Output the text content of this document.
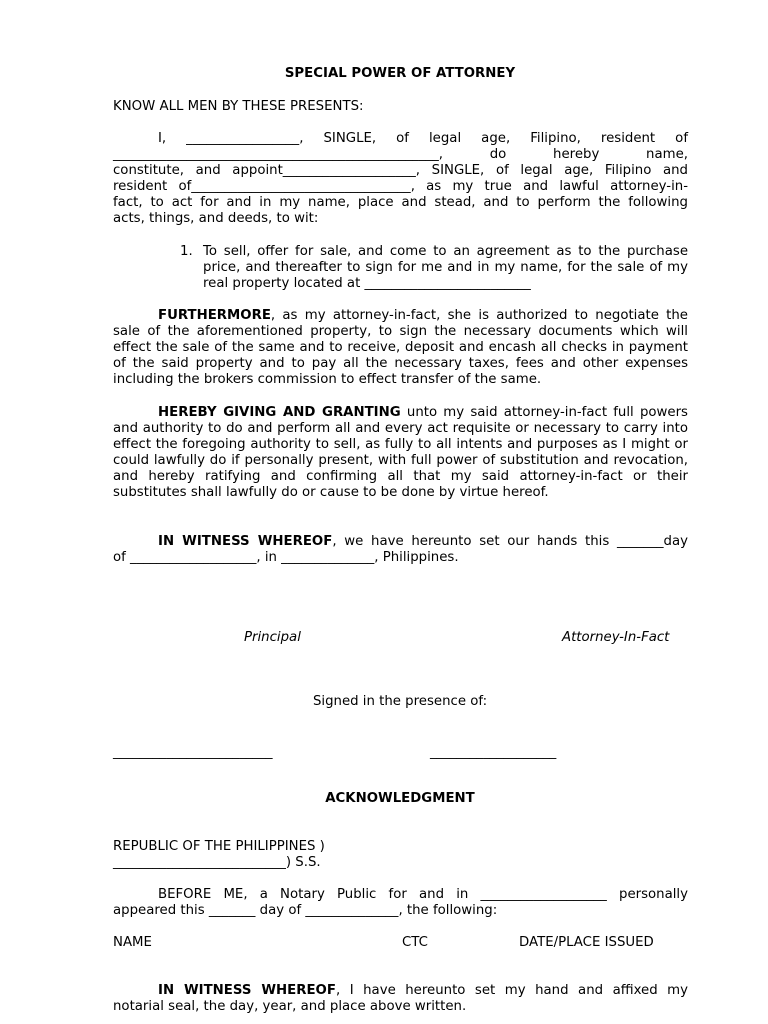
SPECIAL POWER OF ATTORNEY
KNOW ALL MEN BY THESE PRESENTS:
I, _________________, SINGLE, of legal age, Filipino, resident of
_________________________________________________, do hereby name,
constitute, and appoint____________________, SINGLE, of legal age, Filipino and
resident of_________________________________, as my true and lawful attorney-in-
fact, to act for and in my name, place and stead, and to perform the following
acts, things, and deeds, to wit:
1. To sell, offer for sale, and come to an agreement as to the purchase price, and thereafter to sign for me and in my name, for the sale of my real property located at _________________________
FURTHERMORE, as my attorney-in-fact, she is authorized to negotiate the sale of the aforementioned property, to sign the necessary documents which will effect the sale of the same and to receive, deposit and encash all checks in payment of the said property and to pay all the necessary taxes, fees and other expenses including the brokers commission to effect transfer of the same.
HEREBY GIVING AND GRANTING unto my said attorney-in-fact full powers and authority to do and perform all and every act requisite or necessary to carry into effect the foregoing authority to sell, as fully to all intents and purposes as I might or could lawfully do if personally present, with full power of substitution and revocation, and hereby ratifying and confirming all that my said attorney-in-fact or their substitutes shall lawfully do or cause to be done by virtue hereof.
IN WITNESS WHEREOF, we have hereunto set our hands this _______day
of ___________________, in ______________, Philippines.
Principal	Attorney-In-Fact
Signed in the presence of:
________________________	___________________
ACKNOWLEDGMENT
REPUBLIC OF THE PHILIPPINES )
__________________________) S.S.
BEFORE ME, a Notary Public for and in ___________________ personally
appeared this _______ day of ______________, the following:
NAME	CTC	DATE/PLACE ISSUED
IN WITNESS WHEREOF, I have hereunto set my hand and affixed my
notarial seal, the day, year, and place above written.
